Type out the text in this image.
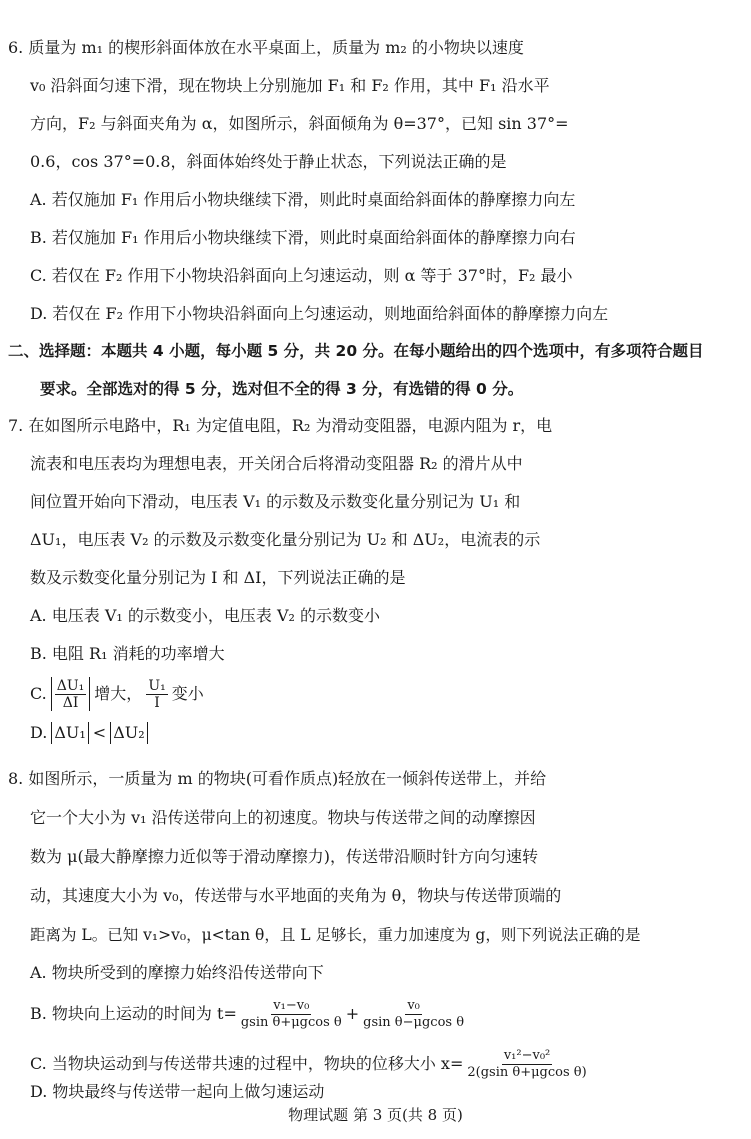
6. 质量为 m₁ 的楔形斜面体放在水平桌面上，质量为 m₂ 的小物块以速度
v₀ 沿斜面匀速下滑，现在物块上分别施加 F₁ 和 F₂ 作用，其中 F₁ 沿水平
方向，F₂ 与斜面夹角为 α，如图所示，斜面倾角为 θ=37°，已知 sin 37°=
0.6，cos 37°=0.8，斜面体始终处于静止状态，下列说法正确的是
A. 若仅施加 F₁ 作用后小物块继续下滑，则此时桌面给斜面体的静摩擦力向左
B. 若仅施加 F₁ 作用后小物块继续下滑，则此时桌面给斜面体的静摩擦力向右
C. 若仅在 F₂ 作用下小物块沿斜面向上匀速运动，则 α 等于 37°时，F₂ 最小
D. 若仅在 F₂ 作用下小物块沿斜面向上匀速运动，则地面给斜面体的静摩擦力向左
二、选择题：本题共 4 小题，每小题 5 分，共 20 分。在每小题给出的四个选项中，有多项符合题目
要求。全部选对的得 5 分，选对但不全的得 3 分，有选错的得 0 分。
7. 在如图所示电路中，R₁ 为定值电阻，R₂ 为滑动变阻器，电源内阻为 r，电
流表和电压表均为理想电表，开关闭合后将滑动变阻器 R₂ 的滑片从中
间位置开始向下滑动，电压表 V₁ 的示数及示数变化量分别记为 U₁ 和
ΔU₁，电压表 V₂ 的示数及示数变化量分别记为 U₂ 和 ΔU₂，电流表的示
数及示数变化量分别记为 I 和 ΔI，下列说法正确的是
A. 电压表 V₁ 的示数变小，电压表 V₂ 的示数变小
B. 电阻 R₁ 消耗的功率增大
C. $\frac{\text{ΔU₁}}{\Delta I}$ 增大， $\frac{\text{U₁}}{I}$ 变小
D. ΔU₁ < ΔU₂
8. 如图所示，一质量为 m 的物块(可看作质点)轻放在一倾斜传送带上，并给
它一个大小为 v₁ 沿传送带向上的初速度。物块与传送带之间的动摩擦因
数为 μ(最大静摩擦力近似等于滑动摩擦力)，传送带沿顺时针方向匀速转
动，其速度大小为 v₀，传送带与水平地面的夹角为 θ，物块与传送带顶端的
距离为 L。已知 v₁>v₀，μ<tan θ，且 L 足够长，重力加速度为 g，则下列说法正确的是
A. 物块所受到的摩擦力始终沿传送带向下
B. 物块向上运动的时间为 $t= \frac{\text{v₁−v₀}}{\text{gsin θ+μgcos θ}} + \frac{\text{v₀}}{\text{gsin θ−μgcos θ}}$
C. 当物块运动到与传送带共速的过程中，物块的位移大小 $x= \frac{\text{v₁²−v₀²}}{\text{2(gsin θ+μgcos θ)}}$
D. 物块最终与传送带一起向上做匀速运动
物理试题 第 3 页(共 8 页)
